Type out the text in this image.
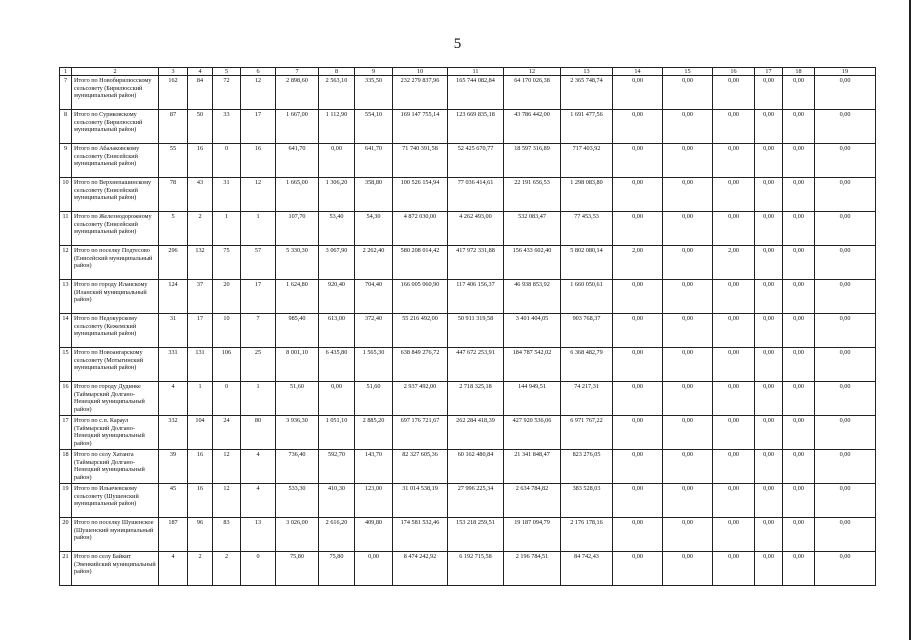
5
1	2	3	4	5	6	7	8	9	10	11	12	13	14	15	16	17	18	19
7	Итого по Новобирилюсскому сельсовету (Бирилюсский муниципальный район)	162	84	72	12	2 898,60	2 563,10	335,50	232 279 837,96	165 744 082,84	64 170 026,38	2 365 748,74	0,00	0,00	0,00	0,00	0,00	0,00
8	Итого по Суриковскому сельсовету (Бирилюсский муниципальный район)	87	50	33	17	1 667,00	1 112,90	554,10	169 147 755,14	123 669 835,18	43 786 442,00	1 691 477,56	0,00	0,00	0,00	0,00	0,00	0,00
9	Итого по Абалаковскому сельсовету (Енисейский муниципальный район)	55	16	0	16	641,70	0,00	641,70	71 740 391,58	52 425 670,77	18 597 316,89	717 403,92	0,00	0,00	0,00	0,00	0,00	0,00
10	Итого по Верхнепашинскому сельсовету (Енисейский муниципальный район)	78	43	31	12	1 665,00	1 306,20	358,80	100 526 154,94	77 036 414,61	22 191 656,53	1 298 083,80	0,00	0,00	0,00	0,00	0,00	0,00
11	Итого по Железнодорожному сельсовету (Енисейский муниципальный район)	5	2	1	1	107,70	53,40	54,30	4 872 030,00	4 262 493,00	532 083,47	77 453,53	0,00	0,00	0,00	0,00	0,00	0,00
12	Итого по поселку Подтесово (Енисейский муниципальный район)	296	132	75	57	5 330,30	3 067,90	2 262,40	580 208 014,42	417 972 331,88	156 433 602,40	5 802 080,14	2,00	0,00	2,00	0,00	0,00	0,00
13	Итого по городу Иланскому (Иланский муниципальный район)	124	37	20	17	1 624,80	920,40	704,40	166 005 060,90	117 406 156,37	46 938 853,92	1 660 050,61	0,00	0,00	0,00	0,00	0,00	0,00
14	Итого по Недокурскому сельсовету (Кежемский муниципальный район)	31	17	10	7	985,40	613,00	372,40	55 216 492,00	50 911 319,58	3 401 404,05	903 768,37	0,00	0,00	0,00	0,00	0,00	0,00
15	Итого по Новоангарскому сельсовету (Мотыгинский муниципальный район)	331	131	106	25	8 001,10	6 435,80	1 565,30	638 849 276,72	447 672 253,91	184 787 542,02	6 368 482,79	0,00	0,00	0,00	0,00	0,00	0,00
16	Итого по городу Дудинке (Таймырский Долгано-Ненецкий муниципальный район)	4	1	0	1	51,60	0,00	51,60	2 937 492,00	2 718 325,18	144 949,51	74 217,31	0,00	0,00	0,00	0,00	0,00	0,00
17	Итого по с.п. Караул (Таймырский Долгано-Ненецкий муниципальный район)	332	104	24	80	3 936,30	1 051,10	2 885,20	697 176 721,67	262 284 418,39	427 920 536,06	6 971 767,22	0,00	0,00	0,00	0,00	0,00	0,00
18	Итого по селу Хатанга (Таймырский Долгано-Ненецкий муниципальный район)	39	16	12	4	736,40	592,70	143,70	82 327 605,36	60 162 480,84	21 341 848,47	823 276,05	0,00	0,00	0,00	0,00	0,00	0,00
19	Итого по Ильичевскому сельсовету (Шушенский муниципальный район)	45	16	12	4	533,30	410,30	123,00	31 014 538,19	27 996 225,34	2 634 784,82	383 528,03	0,00	0,00	0,00	0,00	0,00	0,00
20	Итого по поселку Шушенское (Шушенский муниципальный район)	187	96	83	13	3 026,00	2 616,20	409,80	174 581 532,46	153 218 259,51	19 187 094,79	2 176 178,16	0,00	0,00	0,00	0,00	0,00	0,00
21	Итого по селу Байкит (Эвенкийский муниципальный район)	4	2	2	0	75,80	75,80	0,00	8 474 242,92	6 192 715,58	2 196 784,51	84 742,43	0,00	0,00	0,00	0,00	0,00	0,00
